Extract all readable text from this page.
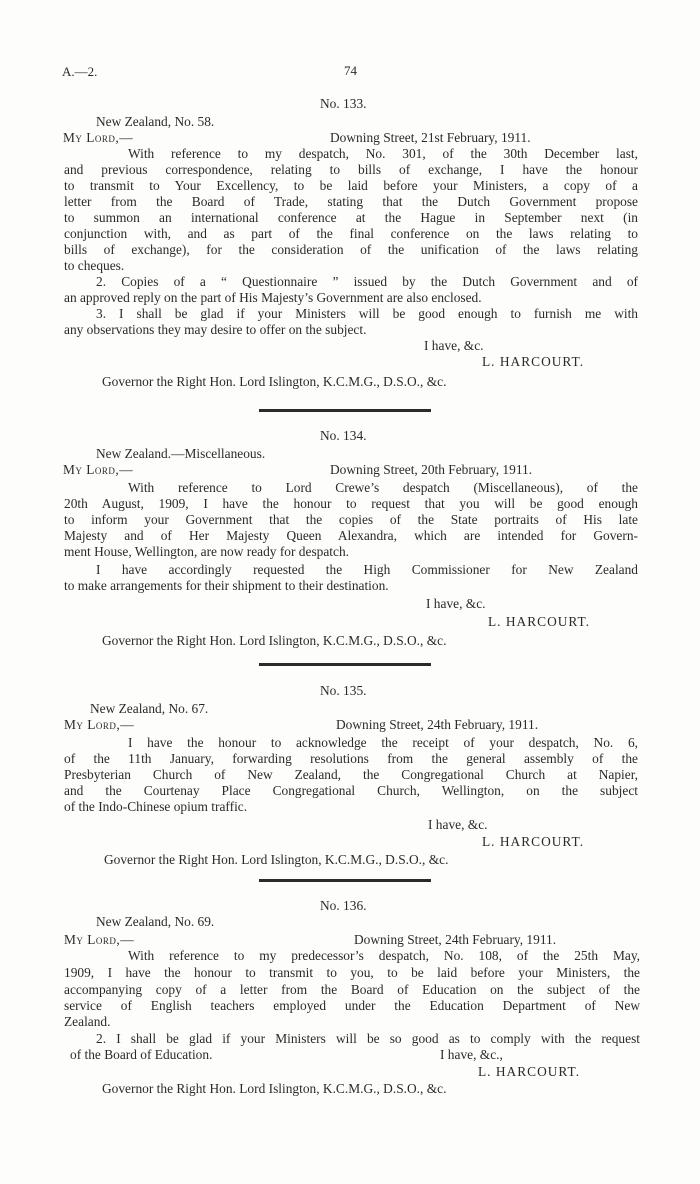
A.—2.	74
No. 133.
New Zealand, No. 58.
My Lord,—	Downing Street, 21st February, 1911.
With reference to my despatch, No. 301, of the 30th December last,
and previous correspondence, relating to bills of exchange, I have the honour
to transmit to Your Excellency, to be laid before your Ministers, a copy of a
letter from the Board of Trade, stating that the Dutch Government propose
to summon an international conference at the Hague in September next (in
conjunction with, and as part of the final conference on the laws relating to
bills of exchange), for the consideration of the unification of the laws relating
to cheques.
2. Copies of a “ Questionnaire ” issued by the Dutch Government and of
an approved reply on the part of His Majesty’s Government are also enclosed.
3. I shall be glad if your Ministers will be good enough to furnish me with
any observations they may desire to offer on the subject.
I have, &c.
L. HARCOURT.
Governor the Right Hon. Lord Islington, K.C.M.G., D.S.O., &c.
No. 134.
New Zealand.—Miscellaneous.
My Lord,—	Downing Street, 20th February, 1911.
With reference to Lord Crewe’s despatch (Miscellaneous), of the
20th August, 1909, I have the honour to request that you will be good enough
to inform your Government that the copies of the State portraits of His late
Majesty and of Her Majesty Queen Alexandra, which are intended for Govern-
ment House, Wellington, are now ready for despatch.
I have accordingly requested the High Commissioner for New Zealand
to make arrangements for their shipment to their destination.
I have, &c.
L. HARCOURT.
Governor the Right Hon. Lord Islington, K.C.M.G., D.S.O., &c.
No. 135.
New Zealand, No. 67.
My Lord,—	Downing Street, 24th February, 1911.
I have the honour to acknowledge the receipt of your despatch, No. 6,
of the 11th January, forwarding resolutions from the general assembly of the
Presbyterian Church of New Zealand, the Congregational Church at Napier,
and the Courtenay Place Congregational Church, Wellington, on the subject
of the Indo-Chinese opium traffic.
I have, &c.
L. HARCOURT.
Governor the Right Hon. Lord Islington, K.C.M.G., D.S.O., &c.
No. 136.
New Zealand, No. 69.
My Lord,—	Downing Street, 24th February, 1911.
With reference to my predecessor’s despatch, No. 108, of the 25th May,
1909, I have the honour to transmit to you, to be laid before your Ministers, the
accompanying copy of a letter from the Board of Education on the subject of the
service of English teachers employed under the Education Department of New
Zealand.
2. I shall be glad if your Ministers will be so good as to comply with the request
of the Board of Education.	I have, &c.,
L. HARCOURT.
Governor the Right Hon. Lord Islington, K.C.M.G., D.S.O., &c.
